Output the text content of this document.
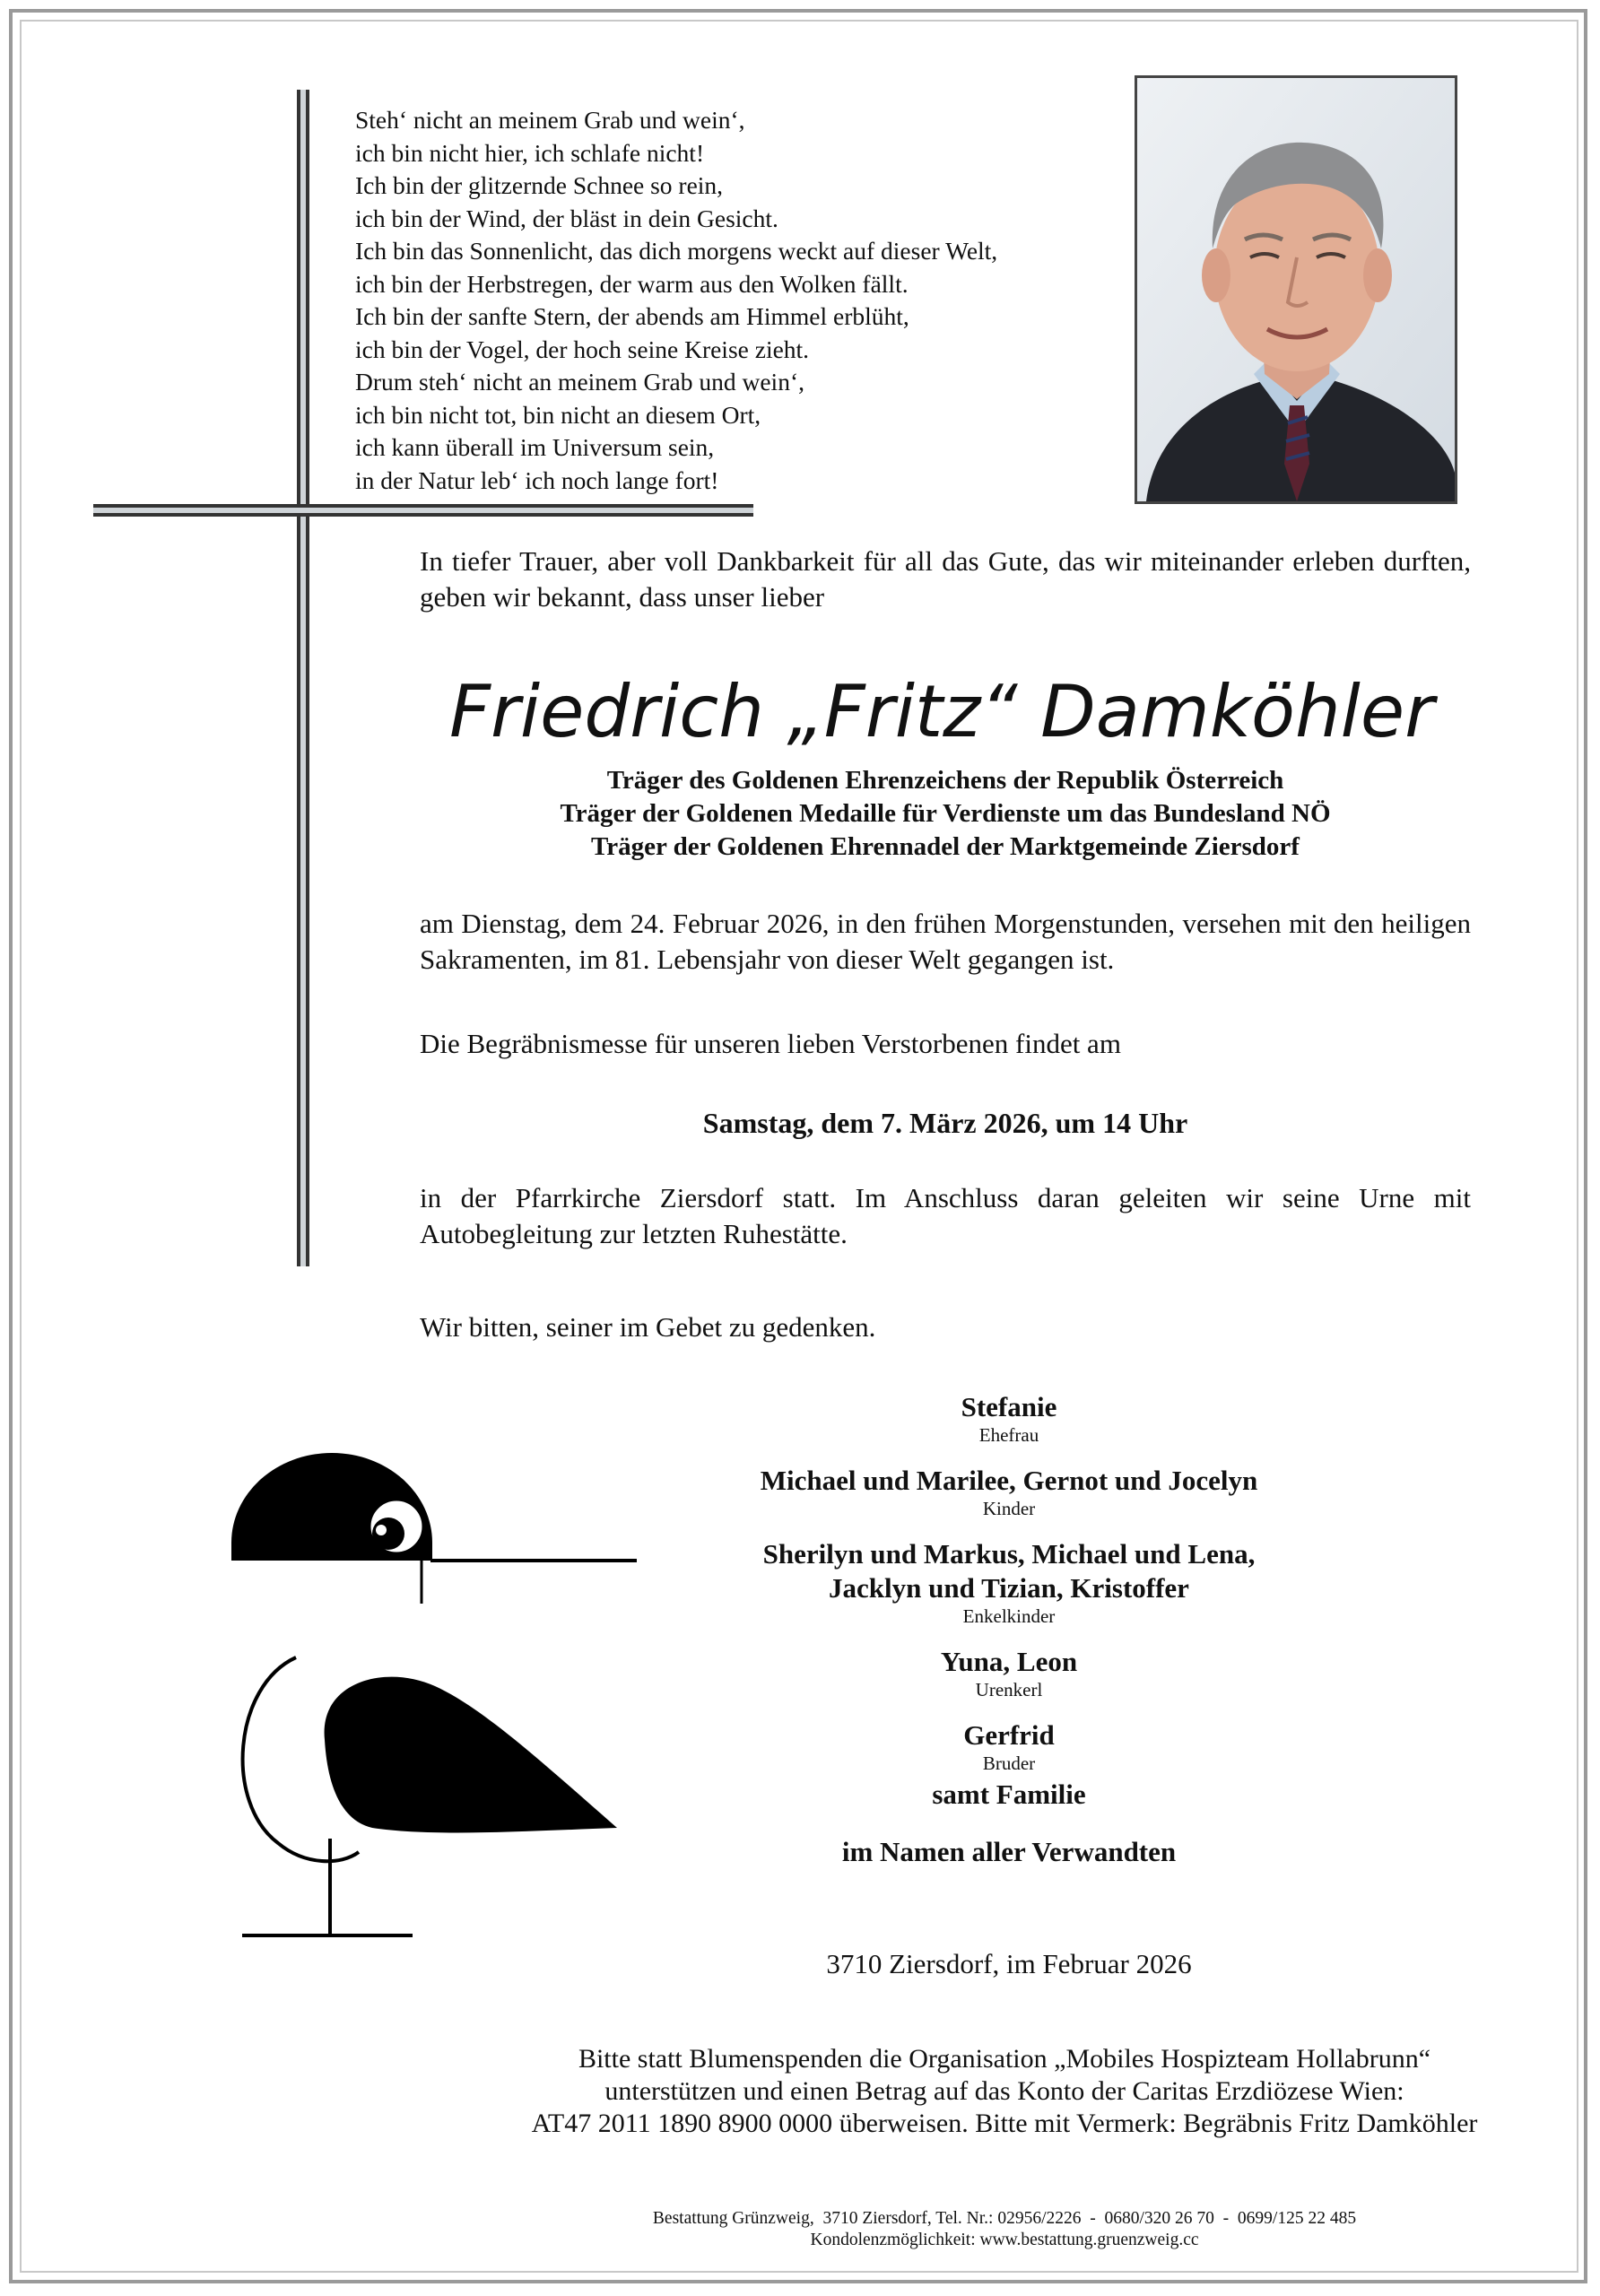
Steh‘ nicht an meinem Grab und wein‘,
ich bin nicht hier, ich schlafe nicht!
Ich bin der glitzernde Schnee so rein,
ich bin der Wind, der bläst in dein Gesicht.
Ich bin das Sonnenlicht, das dich morgens weckt auf dieser Welt,
ich bin der Herbstregen, der warm aus den Wolken fällt.
Ich bin der sanfte Stern, der abends am Himmel erblüht,
ich bin der Vogel, der hoch seine Kreise zieht.
Drum steh‘ nicht an meinem Grab und wein‘,
ich bin nicht tot, bin nicht an diesem Ort,
ich kann überall im Universum sein,
in der Natur leb‘ ich noch lange fort!
In tiefer Trauer, aber voll Dankbarkeit für all das Gute, das wir miteinander erleben durften, geben wir bekannt, dass unser lieber
Friedrich „Fritz“ Damköhler
Träger des Goldenen Ehrenzeichens der Republik Österreich
Träger der Goldenen Medaille für Verdienste um das Bundesland NÖ
Träger der Goldenen Ehrennadel der Marktgemeinde Ziersdorf
am Dienstag, dem 24. Februar 2026, in den frühen Morgenstunden, versehen mit den heiligen Sakramenten, im 81. Lebensjahr von dieser Welt gegangen ist.
Die Begräbnismesse für unseren lieben Verstorbenen findet am
Samstag, dem 7. März 2026, um 14 Uhr
in der Pfarrkirche Ziersdorf statt. Im Anschluss daran geleiten wir seine Urne mit Autobegleitung zur letzten Ruhestätte.
Wir bitten, seiner im Gebet zu gedenken.
Stefanie
Ehefrau
Michael und Marilee, Gernot und Jocelyn
Kinder
Sherilyn und Markus, Michael und Lena,
Jacklyn und Tizian, Kristoffer
Enkelkinder
Yuna, Leon
Urenkerl
Gerfrid
Bruder
samt Familie
im Namen aller Verwandten
3710 Ziersdorf, im Februar 2026
Bitte statt Blumenspenden die Organisation „Mobiles Hospizteam Hollabrunn“
unterstützen und einen Betrag auf das Konto der Caritas Erzdiözese Wien:
AT47 2011 1890 8900 0000 überweisen. Bitte mit Vermerk: Begräbnis Fritz Damköhler
Bestattung Grünzweig,  3710 Ziersdorf, Tel. Nr.: 02956/2226  -  0680/320 26 70  -  0699/125 22 485
Kondolenzmöglichkeit: www.bestattung.gruenzweig.cc
